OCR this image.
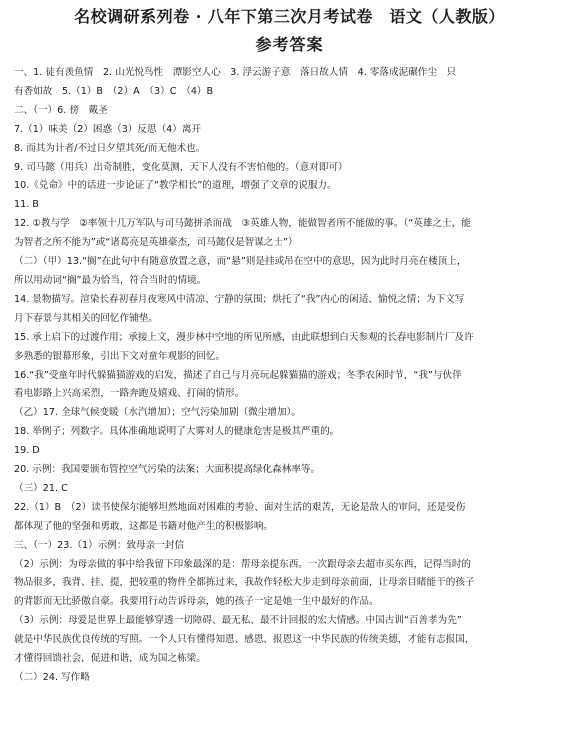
名校调研系列卷 · 八年下第三次月考试卷　语文（人教版）
参考答案

一、1. 徒有羡鱼情　2. 山光悦鸟性　潭影空人心　3. 浮云游子意　落日故人情　4. 零落成泥碾作尘　只

有香如故　5.（1）B　（2）A　（3）C　（4）B

二、（一）6. 傍　戴圣

7.（1）味美（2）困惑（3）反思（4）离开

8. 而其为计者/不过日夕望其死/而无他术也。

9. 司马懿（用兵）出奇制胜，变化莫测，天下人没有不害怕他的。（意对即可）

10.《兑命》中的话进一步论证了“教学相长”的道理，增强了文章的说服力。

11. B

12. ①教与学　②率领十几万军队与司马懿拼杀而战　③英雄人物，能做智者所不能做的事。（“英雄之士，能

为智者之所不能为”或“诸葛亮是英雄豪杰，司马懿仅是智谋之士”）

（二）（甲）13.“搁”在此句中有随意放置之意，而“悬”则是挂或吊在空中的意思，因为此时月亮在楼顶上，

所以用动词“搁”最为恰当，符合当时的情境。

14. 景物描写。渲染长春初春月夜寒风中清凉、宁静的氛围；烘托了“我”内心的闲适、愉悦之情；为下文写

月下春景与其相关的回忆作铺垫。

15. 承上启下的过渡作用；承接上文，漫步林中空地的所见所感，由此联想到白天参观的长春电影制片厂及许

多熟悉的银幕形象，引出下文对童年观影的回忆。

16.“我”受童年时代躲猫猫游戏的启发，描述了自己与月亮玩起躲猫猫的游戏；冬季农闲时节，“我”与伙伴

看电影路上兴高采烈，一路奔跑及嬉戏、打闹的情形。

（乙）17. 全球气候变暖（水汽增加）；空气污染加剧（微尘增加）。

18. 举例子；列数字。具体准确地说明了大雾对人的健康危害是极其严重的。

19. D

20. 示例：我国要颁布管控空气污染的法案；大面积提高绿化森林率等。

（三）21. C

22.（1）B　（2）读书使保尔能够坦然地面对困难的考验、面对生活的艰苦，无论是敌人的审问，还是受伤

都体现了他的坚强和勇敢，这都是书籍对他产生的积极影响。

三、（一）23.（1）示例：致母亲一封信

（2）示例：为母亲做的事中给我留下印象最深的是：帮母亲提东西。一次跟母亲去超市买东西，记得当时的

物品很多，我背、挂、提，把较重的物件全都拣过来，我故作轻松大步走到母亲前面，让母亲目睹能干的孩子

的背影而无比骄傲自豪。我要用行动告诉母亲，她的孩子一定是她一生中最好的作品。

（3）示例：母爱是世界上最能够穿透一切障碍、最无私、最不计回报的宏大情感。中国古训“百善孝为先”

就是中华民族优良传统的写照。一个人只有懂得知恩、感恩、报恩这一中华民族的传统美德，才能有志报国，

才懂得回馈社会，促进和谐，成为国之栋梁。

（二）24. 写作略
